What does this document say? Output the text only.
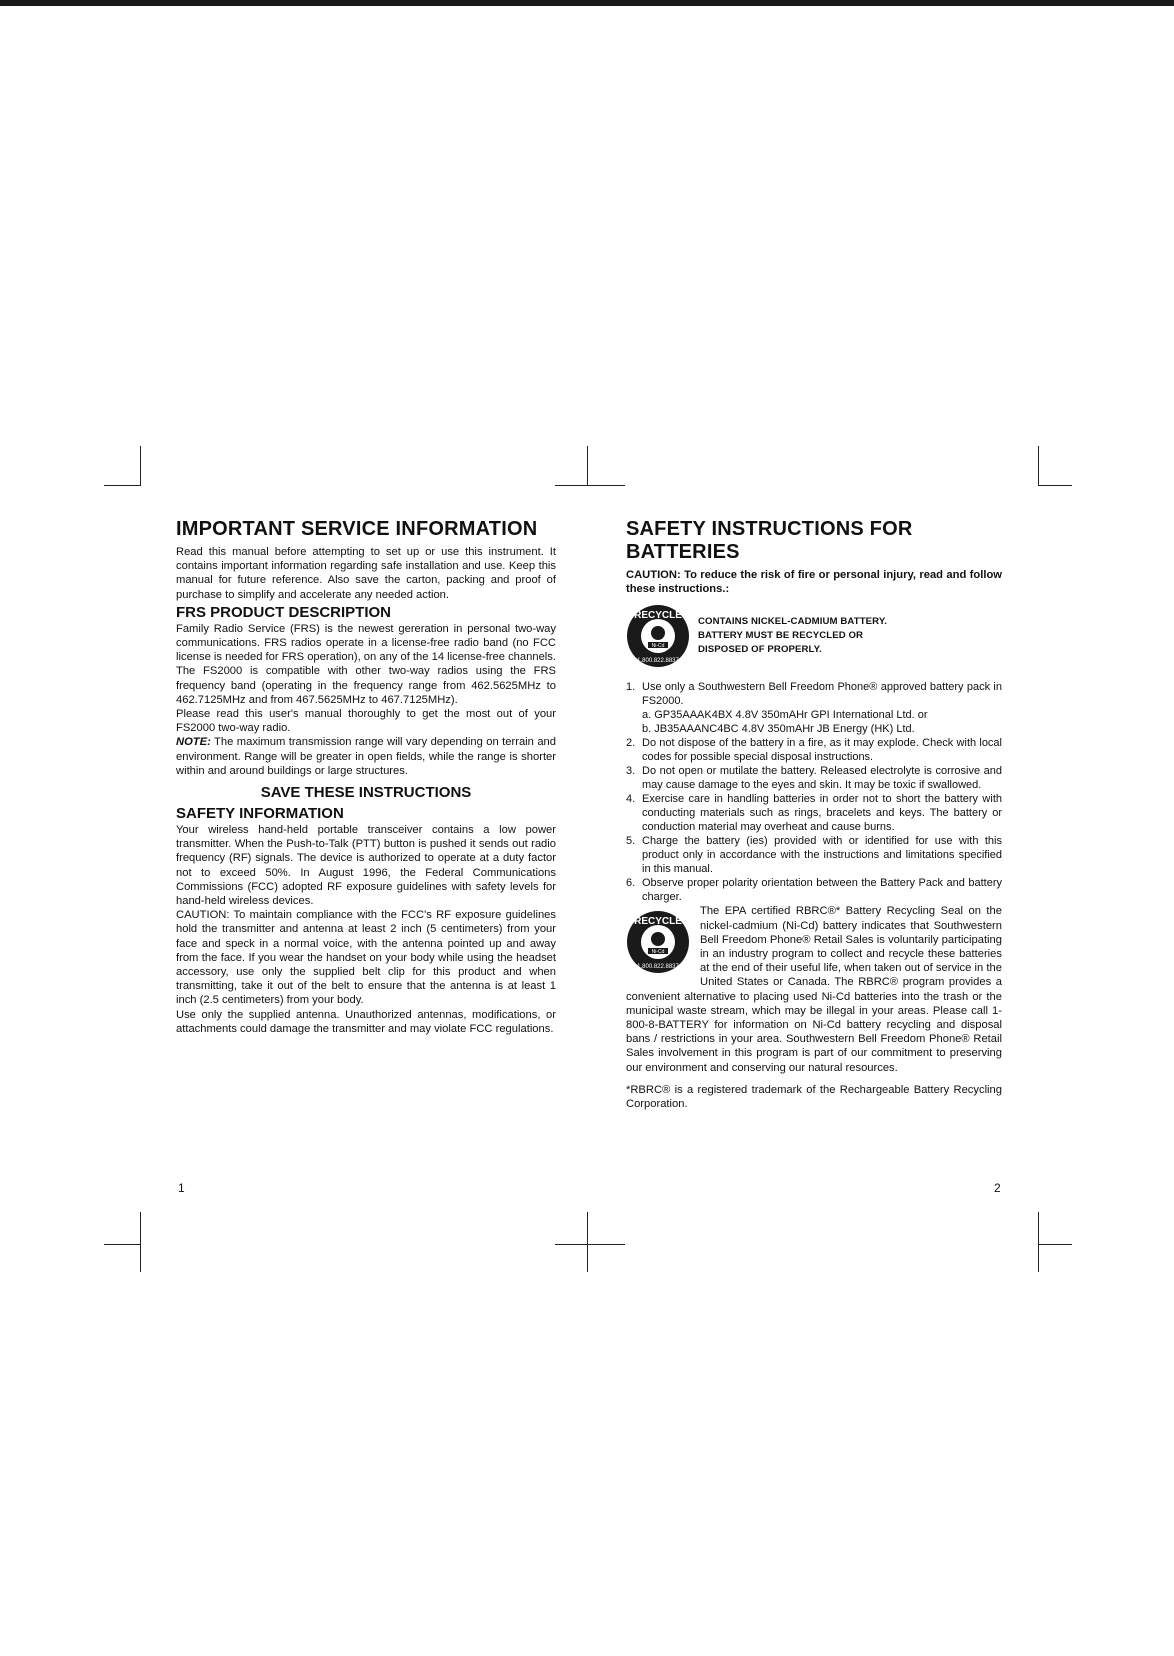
IMPORTANT SERVICE INFORMATION

Read this manual before attempting to set up or use this instrument. It contains important information regarding safe installation and use. Keep this manual for future reference. Also save the carton, packing and proof of purchase to simplify and accelerate any needed action.

FRS PRODUCT DESCRIPTION

Family Radio Service (FRS) is the newest gereration in personal two-way communications. FRS radios operate in a license-free radio band (no FCC license is needed for FRS operation), on any of the 14 license-free channels.

The FS2000 is compatible with other two-way radios using the FRS frequency band (operating in the frequency range from 462.5625MHz to 462.7125MHz and from 467.5625MHz to 467.7125MHz).

Please read this user's manual thoroughly to get the most out of your FS2000 two-way radio.

NOTE: The maximum transmission range will vary depending on terrain and environment. Range will be greater in open fields, while the range is shorter within and around buildings or large structures.

SAVE THESE INSTRUCTIONS
SAFETY INFORMATION

Your wireless hand-held portable transceiver contains a low power transmitter. When the Push-to-Talk (PTT) button is pushed it sends out radio frequency (RF) signals. The device is authorized to operate at a duty factor not to exceed 50%. In August 1996, the Federal Communications Commissions (FCC) adopted RF exposure guidelines with safety levels for hand-held wireless devices.

CAUTION: To maintain compliance with the FCC's RF exposure guidelines hold the transmitter and antenna at least 2 inch (5 centimeters) from your face and speck in a normal voice, with the antenna pointed up and away from the face. If you wear the handset on your body while using the headset accessory, use only the supplied belt clip for this product and when transmitting, take it out of the belt to ensure that the antenna is at least 1 inch (2.5 centimeters) from your body.

Use only the supplied antenna. Unauthorized antennas, modifications, or attachments could damage the transmitter and may violate FCC regulations.

1
SAFETY INSTRUCTIONS FOR BATTERIES

CAUTION: To reduce the risk of fire or personal injury, read and follow these instructions.:

RECYCLE
1.800.822.8837
Ni-Cd
CONTAINS NICKEL-CADMIUM BATTERY.
BATTERY MUST BE RECYCLED OR
DISPOSED OF PROPERLY.
1. Use only a Southwestern Bell Freedom Phone® approved battery pack in FS2000.
a. GP35AAAK4BX 4.8V 350mAHr GPI International Ltd. or
b. JB35AAANC4BC 4.8V 350mAHr JB Energy (HK) Ltd.
2. Do not dispose of the battery in a fire, as it may explode. Check with local codes for possible special disposal instructions.
3. Do not open or mutilate the battery. Released electrolyte is corrosive and may cause damage to the eyes and skin. It may be toxic if swallowed.
4. Exercise care in handling batteries in order not to short the battery with conducting materials such as rings, bracelets and keys. The battery or conduction material may overheat and cause burns.
5. Charge the battery (ies) provided with or identified for use with this product only in accordance with the instructions and limitations specified in this manual.
6. Observe proper polarity orientation between the Battery Pack and battery charger.
RECYCLE
1.800.822.8837
Ni-Cd

The EPA certified RBRC®* Battery Recycling Seal on the nickel-cadmium (Ni-Cd) battery indicates that Southwestern Bell Freedom Phone® Retail Sales is voluntarily participating in an industry program to collect and recycle these batteries at the end of their useful life, when taken out of service in the United States or Canada. The RBRC® program provides a convenient alternative to placing used Ni-Cd batteries into the trash or the municipal waste stream, which may be illegal in your areas. Please call 1-800-8-BATTERY for information on Ni-Cd battery recycling and disposal bans / restrictions in your area. Southwestern Bell Freedom Phone® Retail Sales involvement in this program is part of our commitment to preserving our environment and conserving our natural resources.

*RBRC® is a registered trademark of the Rechargeable Battery Recycling Corporation.

2
